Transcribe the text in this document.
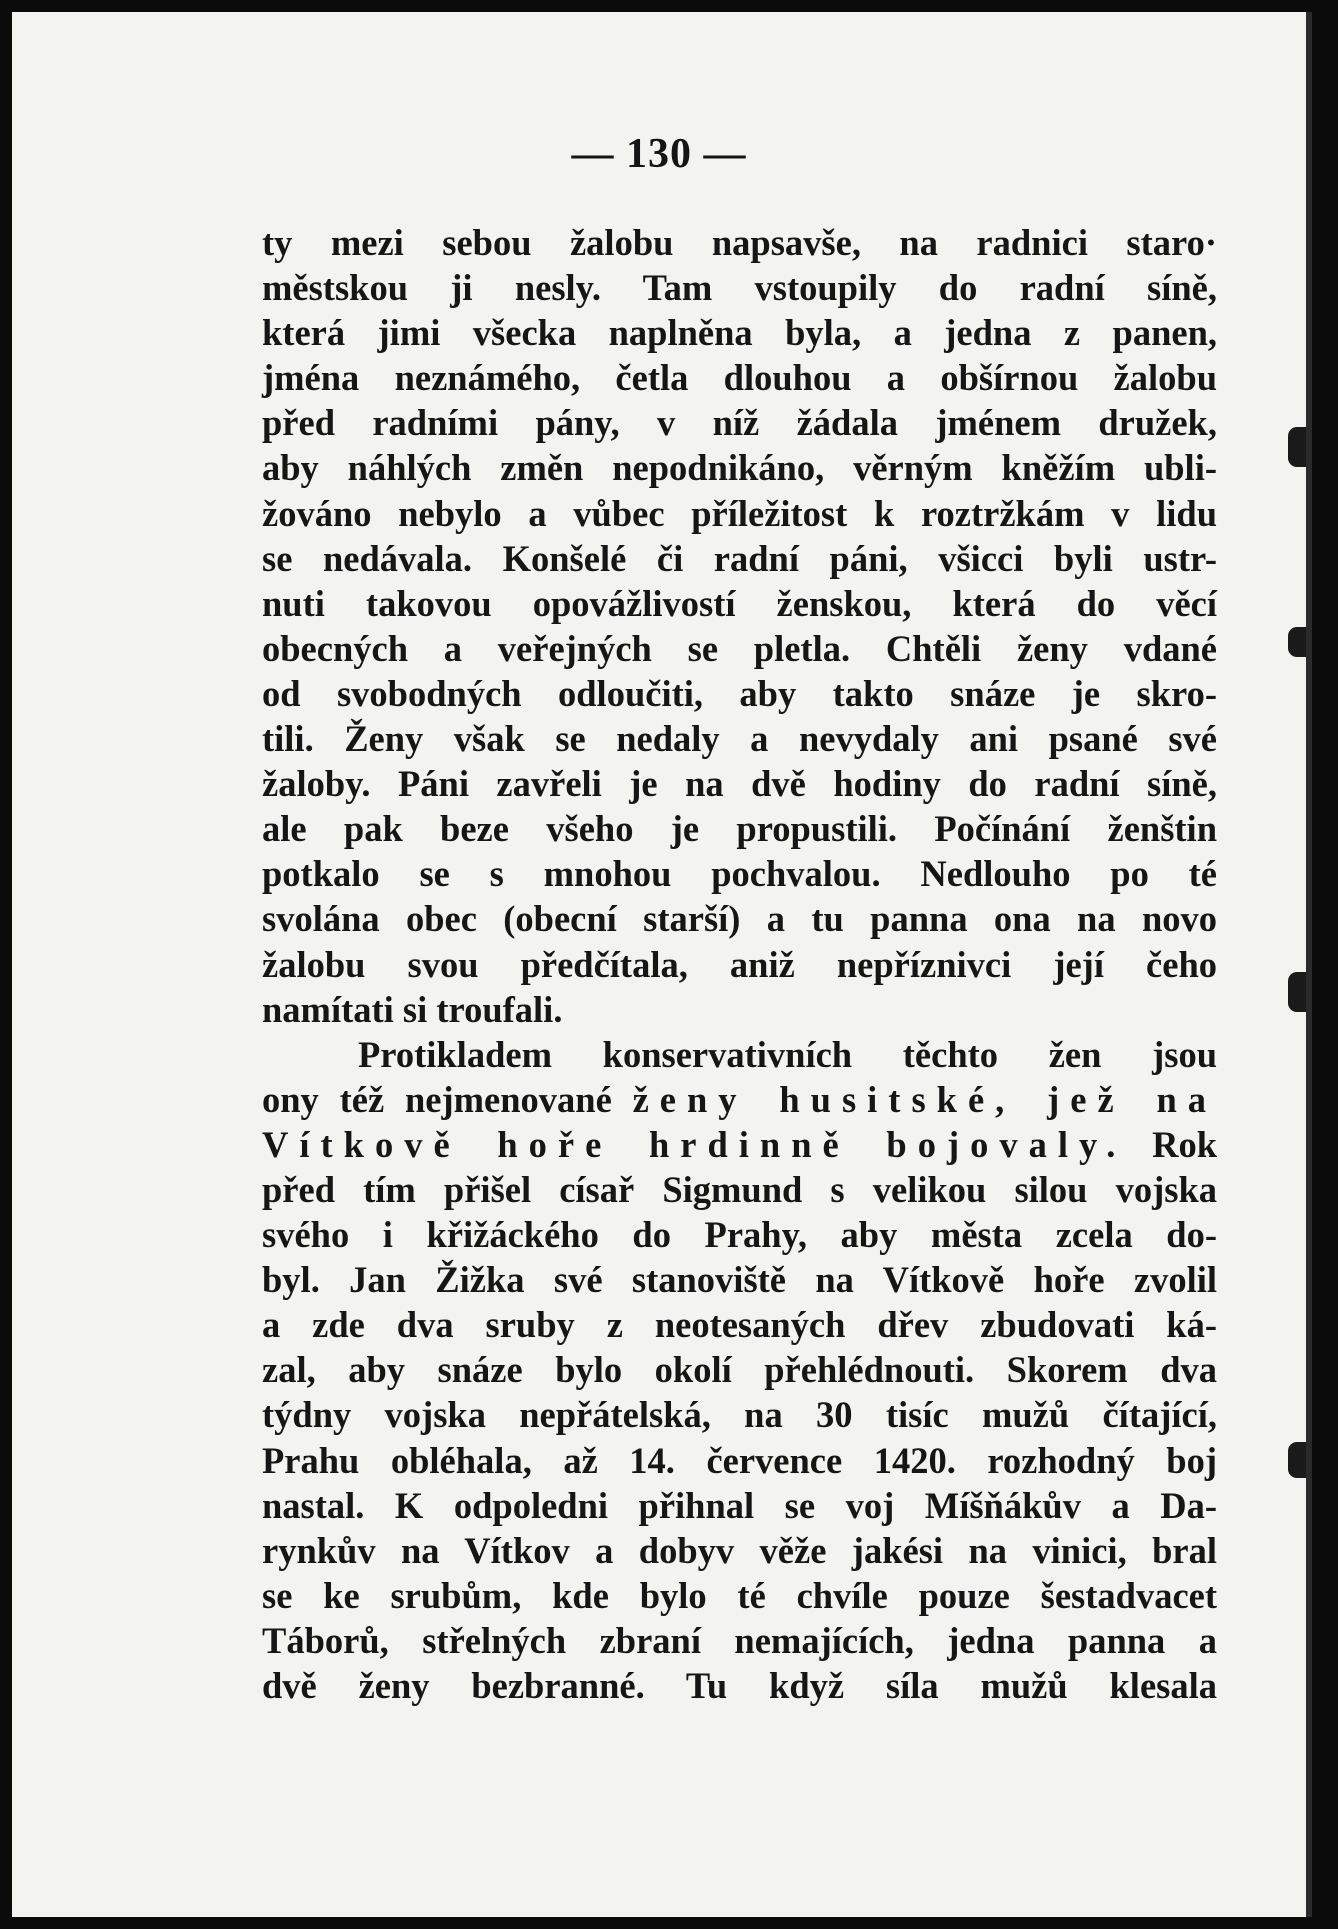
— 130 —
ty mezi sebou žalobu napsavše, na radnici staro·
městskou ji nesly. Tam vstoupily do radní síně,
která jimi všecka naplněna byla, a jedna z panen,
jména neznámého, četla dlouhou a obšírnou žalobu
před radními pány, v níž žádala jménem družek,
aby náhlých změn nepodnikáno, věrným kněžím ubli-
žováno nebylo a vůbec příležitost k roztržkám v lidu
se nedávala. Konšelé či radní páni, všicci byli ustr-
nuti takovou opovážlivostí ženskou, která do věcí
obecných a veřejných se pletla. Chtěli ženy vdané
od svobodných odloučiti, aby takto snáze je skro-
tili. Ženy však se nedaly a nevydaly ani psané své
žaloby. Páni zavřeli je na dvě hodiny do radní síně,
ale pak beze všeho je propustili. Počínání ženštin
potkalo se s mnohou pochvalou. Nedlouho po té
svolána obec (obecní starší) a tu panna ona na novo
žalobu svou předčítala, aniž nepříznivci její čeho
namítati si troufali.
Protikladem konservativních těchto žen jsou
ony též nejmenované ženy husitské, jež na
Vítkově hoře hrdinně bojovaly. Rok
před tím přišel císař Sigmund s velikou silou vojska
svého i křižáckého do Prahy, aby města zcela do-
byl. Jan Žižka své stanoviště na Vítkově hoře zvolil
a zde dva sruby z neotesaných dřev zbudovati ká-
zal, aby snáze bylo okolí přehlédnouti. Skorem dva
týdny vojska nepřátelská, na 30 tisíc mužů čítající,
Prahu obléhala, až 14. července 1420. rozhodný boj
nastal. K odpoledni přihnal se voj Míšňákův a Da-
rynkův na Vítkov a dobyv věže jakési na vinici, bral
se ke srubům, kde bylo té chvíle pouze šestadvacet
Táborů, střelných zbraní nemajících, jedna panna a
dvě ženy bezbranné. Tu když síla mužů klesala
